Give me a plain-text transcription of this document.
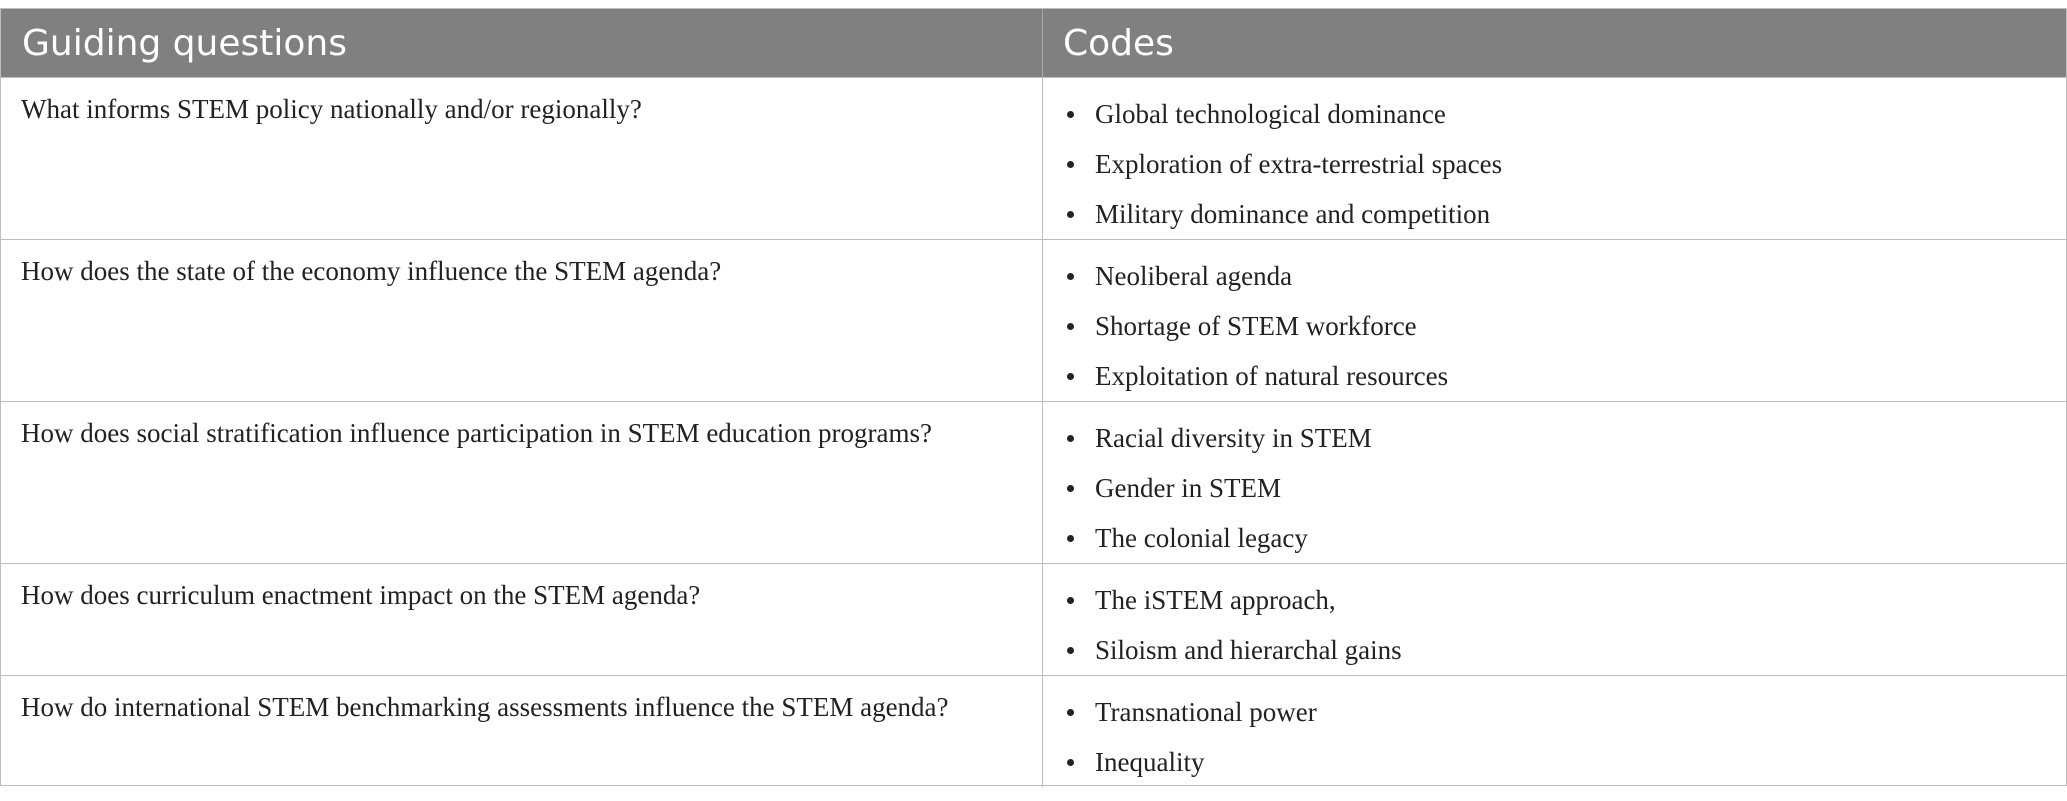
Guiding questions	Codes
What informs STEM policy nationally and/or regionally?	Global technological dominance
Exploration of extra-terrestrial spaces
Military dominance and competition
How does the state of the economy influence the STEM agenda?	Neoliberal agenda
Shortage of STEM workforce
Exploitation of natural resources
How does social stratification influence participation in STEM education programs?	Racial diversity in STEM
Gender in STEM
The colonial legacy
How does curriculum enactment impact on the STEM agenda?	The iSTEM approach,
Siloism and hierarchal gains
How do international STEM benchmarking assessments influence the STEM agenda?	Transnational power
Inequality
